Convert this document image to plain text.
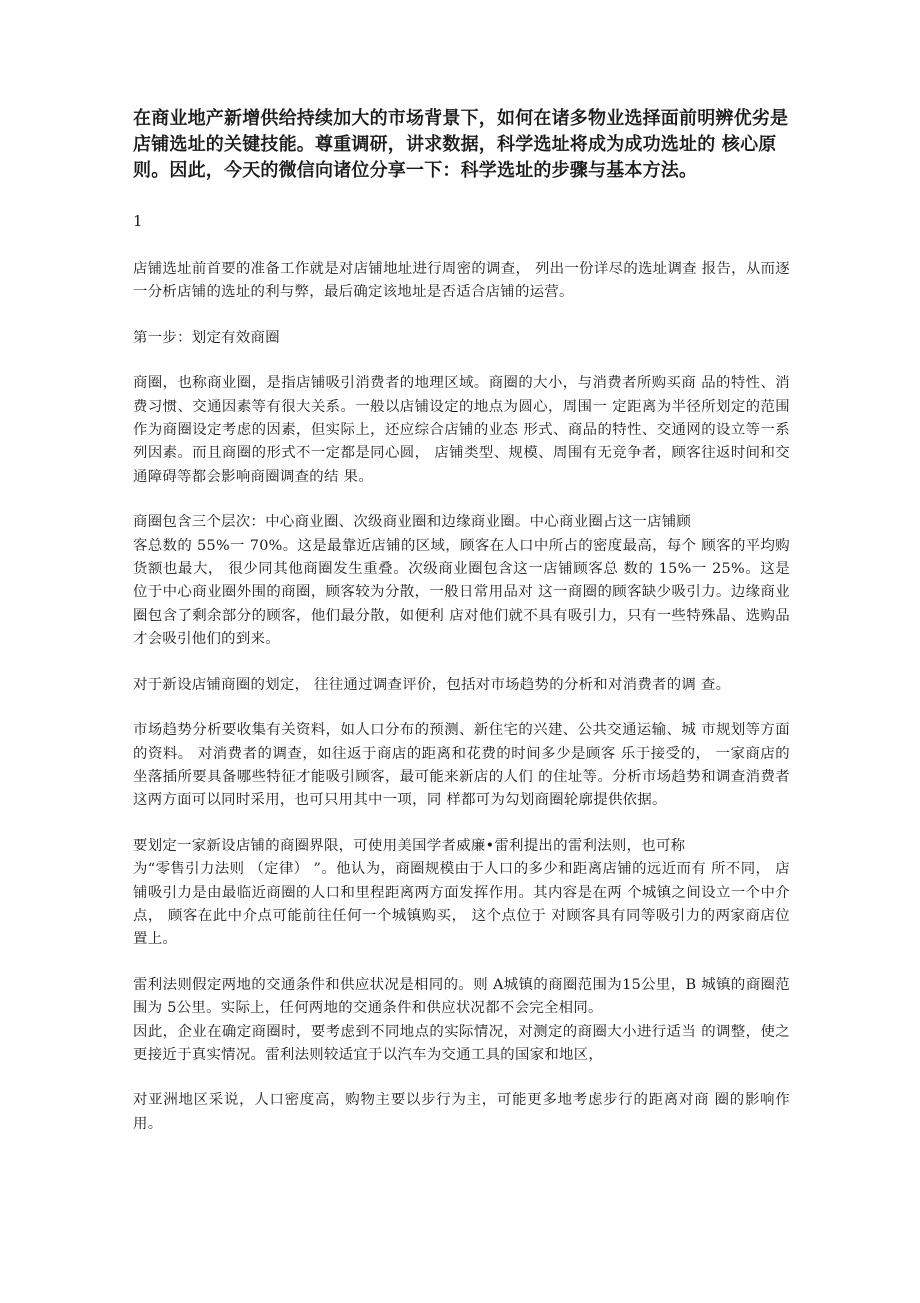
在商业地产新增供给持续加大的市场背景下，如何在诸多物业选择面前明辨优劣是店铺选址的关键技能。尊重调研，讲求数据，科学选址将成为成功选址的 核心原则。因此，今天的微信向诸位分享一下：科学选址的步骤与基本方法。

1

店铺选址前首要的准备工作就是对店铺地址进行周密的调查， 列出一份详尽的选址调查 报告，从而逐一分析店铺的选址的利与弊，最后确定该地址是否适合店铺的运营。

第一步：划定有效商圈

商圈，也称商业圈，是指店铺吸引消费者的地理区域。商圈的大小，与消费者所购买商 品的特性、消费习惯、交通因素等有很大关系。一般以店铺设定的地点为圆心，周围一 定距离为半径所划定的范围作为商圈设定考虑的因素，但实际上，还应综合店铺的业态 形式、商品的特性、交通网的设立等一系列因素。而且商圈的形式不一定都是同心圆， 店铺类型、规模、周围有无竞争者，顾客往返时间和交通障碍等都会影响商圈调查的结 果。

商圈包含三个层次：中心商业圈、次级商业圈和边缘商业圈。中心商业圈占这一店铺顾

客总数的 55%一 70%。这是最靠近店铺的区域，顾客在人口中所占的密度最高，每个 顾客的平均购货额也最大， 很少同其他商圈发生重叠。次级商业圈包含这一店铺顾客总 数的 15%一 25%。这是位于中心商业圈外围的商圈，顾客较为分散，一般日常用品对 这一商圈的顾客缺少吸引力。边缘商业圈包含了剩余部分的顾客，他们最分散，如便利 店对他们就不具有吸引力，只有一些特殊晶、选购品才会吸引他们的到来。

对于新设店铺商圈的划定， 往往通过调查评价，包括对市场趋势的分析和对消费者的调 查。

市场趋势分析要收集有关资料，如人口分布的预测、新住宅的兴建、公共交通运输、城 市规划等方面的资料。 对消费者的调查，如往返于商店的距离和花费的时间多少是顾客 乐于接受的， 一家商店的坐落插所要具备哪些特征才能吸引顾客，最可能来新店的人们 的住址等。分析市场趋势和调查消费者这两方面可以同时采用，也可只用其中一项，同 样都可为勾划商圈轮廓提供依据。

要划定一家新设店铺的商圈界限，可使用美国学者威廉•雷利提出的雷利法则，也可称

为“零售引力法则 （定律） ”。他认为，商圈规模由于人口的多少和距离店铺的远近而有 所不同， 店铺吸引力是由最临近商圈的人口和里程距离两方面发挥作用。其内容是在两 个城镇之间设立一个中介点， 顾客在此中介点可能前往任何一个城镇购买， 这个点位于 对顾客具有同等吸引力的两家商店位置上。

雷利法则假定两地的交通条件和供应状况是相同的。则 A城镇的商圈范围为15公里，B 城镇的商圈范围为 5公里。实际上，任何两地的交通条件和供应状况都不会完全相同。

因此，企业在确定商圈时，要考虑到不同地点的实际情况，对测定的商圈大小进行适当 的调整，使之更接近于真实情况。雷利法则较适宜于以汽车为交通工具的国家和地区，

对亚洲地区采说，人口密度高，购物主要以步行为主，可能更多地考虑步行的距离对商 圈的影响作用。
